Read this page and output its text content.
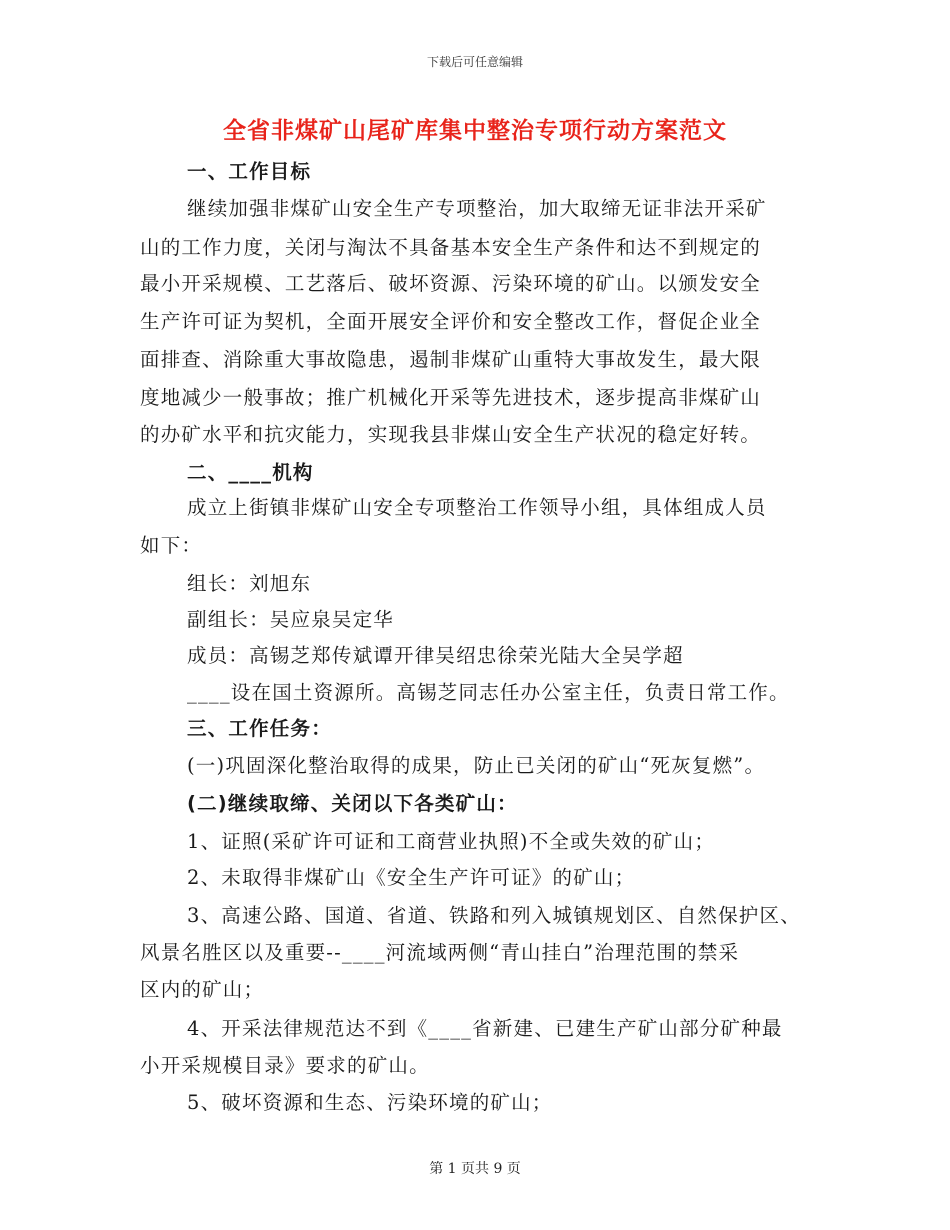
下载后可任意编辑
全省非煤矿山尾矿库集中整治专项行动方案范文
一、工作目标
继续加强非煤矿山安全生产专项整治，加大取缔无证非法开采矿
山的工作力度，关闭与淘汰不具备基本安全生产条件和达不到规定的
最小开采规模、工艺落后、破坏资源、污染环境的矿山。以颁发安全
生产许可证为契机，全面开展安全评价和安全整改工作，督促企业全
面排查、消除重大事故隐患，遏制非煤矿山重特大事故发生，最大限
度地减少一般事故；推广机械化开采等先进技术，逐步提高非煤矿山
的办矿水平和抗灾能力，实现我县非煤山安全生产状况的稳定好转。
二、____机构
成立上街镇非煤矿山安全专项整治工作领导小组，具体组成人员
如下：
组长：刘旭东
副组长：吴应泉吴定华
成员：高锡芝郑传斌谭开律吴绍忠徐荣光陆大全吴学超
____设在国土资源所。高锡芝同志任办公室主任，负责日常工作。
三、工作任务：
(一)巩固深化整治取得的成果，防止已关闭的矿山“死灰复燃”。
(二)继续取缔、关闭以下各类矿山：
1、证照(采矿许可证和工商营业执照)不全或失效的矿山；
2、未取得非煤矿山《安全生产许可证》的矿山；
3、高速公路、国道、省道、铁路和列入城镇规划区、自然保护区、
风景名胜区以及重要--____河流域两侧“青山挂白”治理范围的禁采
区内的矿山；
4、开采法律规范达不到《____省新建、已建生产矿山部分矿种最
小开采规模目录》要求的矿山。
5、破坏资源和生态、污染环境的矿山；
第 1 页共 9 页
